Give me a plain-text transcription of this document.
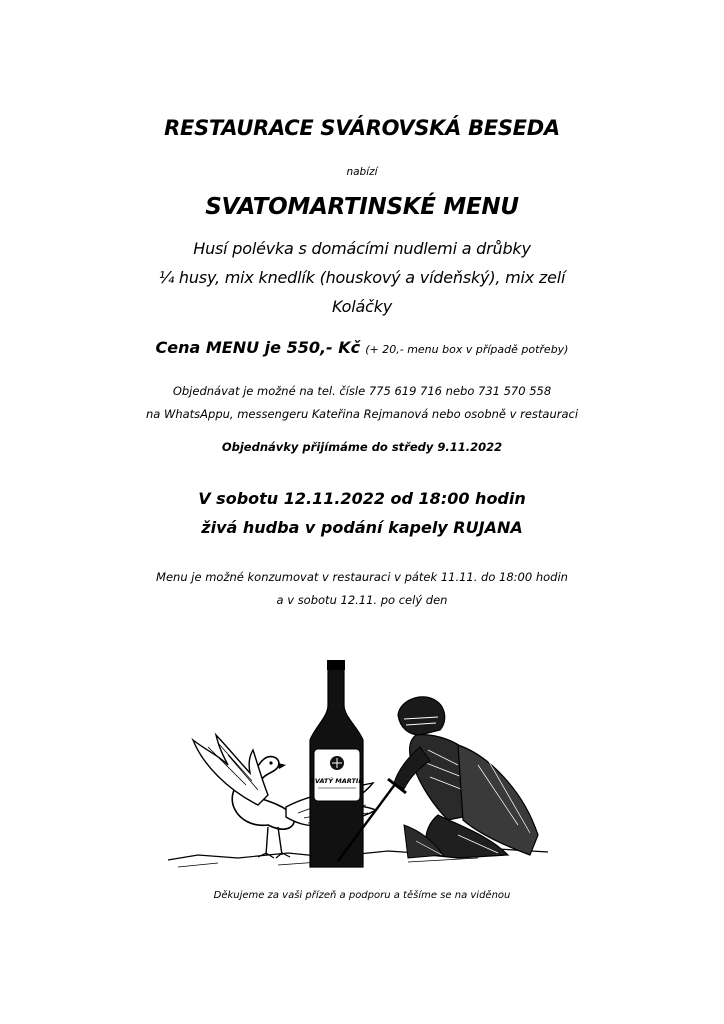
RESTAURACE SVÁROVSKÁ BESEDA
nabízí
SVATOMARTINSKÉ MENU
Husí polévka s domácími nudlemi a drůbky
¼ husy, mix knedlík (houskový a vídeňský), mix zelí
Koláčky
Cena MENU je 550,- Kč (+ 20,- menu box v případě potřeby)
Objednávat je možné na tel. čísle 775 619 716 nebo 731 570 558
na WhatsAppu, messengeru Kateřina Rejmanová nebo osobně v restauraci
Objednávky přijímáme do středy 9.11.2022
V sobotu 12.11.2022 od 18:00 hodin
živá hudba v podání kapely RUJANA
Menu je možné konzumovat v restauraci v pátek 11.11. do 18:00 hodin
a v sobotu 12.11. po celý den
SVATÝ MARTIN
Děkujeme za vaši přízeň a podporu a těšíme se na viděnou
